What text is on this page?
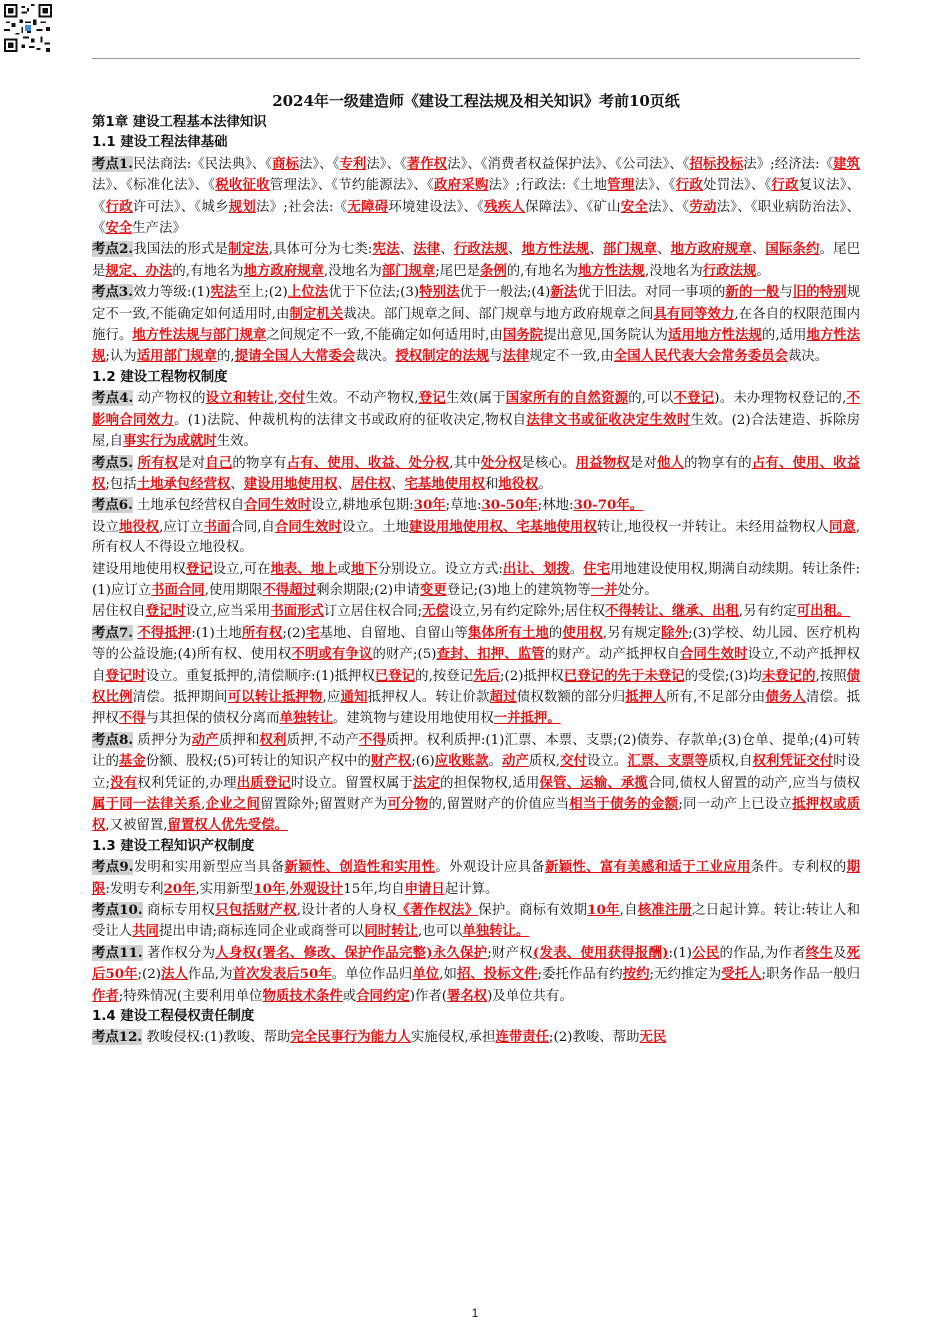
2024年一级建造师《建设工程法规及相关知识》考前10页纸

第1章 建设工程基本法律知识

1.1 建设工程法律基础

考点1.民法商法:《民法典》、《商标法》、《专利法》、《著作权法》、《消费者权益保护法》、《公司法》、《招标投标法》;经济法:《建筑法》、《标准化法》、《税收征收管理法》、《节约能源法》、《政府采购法》;行政法:《土地管理法》、《行政处罚法》、《行政复议法》、《行政许可法》、《城乡规划法》;社会法:《无障碍环境建设法》、《残疾人保障法》、《矿山安全法》、《劳动法》、《职业病防治法》、《安全生产法》

考点2.我国法的形式是制定法,具体可分为七类:宪法、法律、行政法规、地方性法规、部门规章、地方政府规章、国际条约。尾巴是规定、办法的,有地名为地方政府规章,没地名为部门规章;尾巴是条例的,有地名为地方性法规,没地名为行政法规。

考点3.效力等级:(1)宪法至上;(2)上位法优于下位法;(3)特别法优于一般法;(4)新法优于旧法。对同一事项的新的一般与旧的特别规定不一致,不能确定如何适用时,由制定机关裁决。部门规章之间、部门规章与地方政府规章之间具有同等效力,在各自的权限范围内施行。地方性法规与部门规章之间规定不一致,不能确定如何适用时,由国务院提出意见,国务院认为适用地方性法规的,适用地方性法规;认为适用部门规章的,提请全国人大常委会裁决。授权制定的法规与法律规定不一致,由全国人民代表大会常务委员会裁决。

1.2 建设工程物权制度

考点4. 动产物权的设立和转让,交付生效。不动产物权,登记生效(属于国家所有的自然资源的,可以不登记)。未办理物权登记的,不影响合同效力。(1)法院、仲裁机构的法律文书或政府的征收决定,物权自法律文书或征收决定生效时生效。(2)合法建造、拆除房屋,自事实行为成就时生效。

考点5. 所有权是对自己的物享有占有、使用、收益、处分权,其中处分权是核心。用益物权是对他人的物享有的占有、使用、收益权;包括土地承包经营权、建设用地使用权、居住权、宅基地使用权和地役权。

考点6. 土地承包经营权自合同生效时设立,耕地承包期:30年;草地:30-50年;林地:30-70年。

设立地役权,应订立书面合同,自合同生效时设立。土地建设用地使用权、宅基地使用权转让,地役权一并转让。未经用益物权人同意,所有权人不得设立地役权。

建设用地使用权登记设立,可在地表、地上或地下分别设立。设立方式:出让、划拨。住宅用地建设使用权,期满自动续期。转让条件:(1)应订立书面合同,使用期限不得超过剩余期限;(2)申请变更登记;(3)地上的建筑物等一并处分。

居住权自登记时设立,应当采用书面形式订立居住权合同;无偿设立,另有约定除外;居住权不得转让、继承、出租,另有约定可出租。

考点7. 不得抵押:(1)土地所有权;(2)宅基地、自留地、自留山等集体所有土地的使用权,另有规定除外;(3)学校、幼儿园、医疗机构等的公益设施;(4)所有权、使用权不明或有争议的财产;(5)查封、扣押、监管的财产。动产抵押权自合同生效时设立,不动产抵押权自登记时设立。重复抵押的,清偿顺序:(1)抵押权已登记的,按登记先后;(2)抵押权已登记的先于未登记的受偿;(3)均未登记的,按照债权比例清偿。抵押期间可以转让抵押物,应通知抵押权人。转让价款超过债权数额的部分归抵押人所有,不足部分由债务人清偿。抵押权不得与其担保的债权分离而单独转让。建筑物与建设用地使用权一并抵押。

考点8. 质押分为动产质押和权利质押,不动产不得质押。权利质押:(1)汇票、本票、支票;(2)债券、存款单;(3)仓单、提单;(4)可转让的基金份额、股权;(5)可转让的知识产权中的财产权;(6)应收账款。动产质权,交付设立。汇票、支票等质权,自权利凭证交付时设立;没有权利凭证的,办理出质登记时设立。留置权属于法定的担保物权,适用保管、运输、承揽合同,债权人留置的动产,应当与债权属于同一法律关系,企业之间留置除外;留置财产为可分物的,留置财产的价值应当相当于债务的金额;同一动产上已设立抵押权或质权,又被留置,留置权人优先受偿。

1.3 建设工程知识产权制度

考点9.发明和实用新型应当具备新颖性、创造性和实用性。外观设计应具备新颖性、富有美感和适于工业应用条件。专利权的期限:发明专利20年,实用新型10年,外观设计15年,均自申请日起计算。

考点10. 商标专用权只包括财产权,设计者的人身权《著作权法》保护。商标有效期10年,自核准注册之日起计算。转让:转让人和受让人共同提出申请;商标连同企业或商誉可以同时转让,也可以单独转让。

考点11. 著作权分为人身权(署名、修改、保护作品完整)永久保护;财产权(发表、使用获得报酬):(1)公民的作品,为作者终生及死后50年;(2)法人作品,为首次发表后50年。单位作品归单位,如招、投标文件;委托作品有约按约;无约推定为受托人;职务作品一般归作者;特殊情况(主要利用单位物质技术条件或合同约定)作者(署名权)及单位共有。

1.4 建设工程侵权责任制度

考点12. 教唆侵权:(1)教唆、帮助完全民事行为能力人实施侵权,承担连带责任;(2)教唆、帮助无民

1
